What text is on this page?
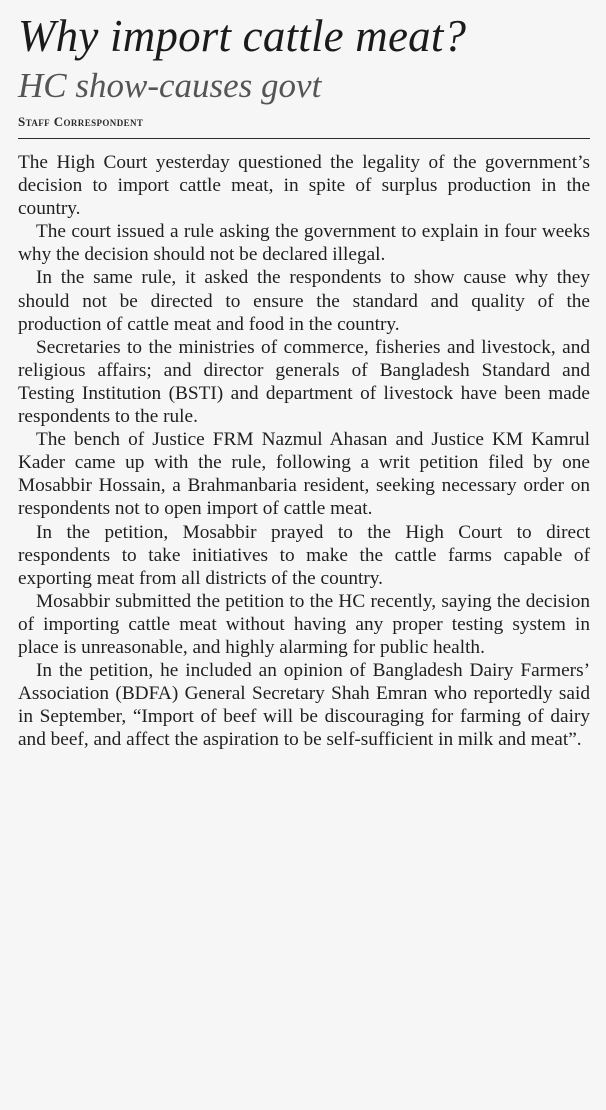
Why import cattle meat?
HC show-causes govt
Staff Correspondent

The High Court yesterday questioned the legality of the government’s decision to import cattle meat, in spite of surplus production in the country.

The court issued a rule asking the government to explain in four weeks why the decision should not be declared illegal.

In the same rule, it asked the respondents to show cause why they should not be directed to ensure the standard and quality of the production of cattle meat and food in the country.

Secretaries to the ministries of commerce, fisheries and livestock, and religious affairs; and director generals of Bangladesh Standard and Testing Institution (BSTI) and department of livestock have been made respondents to the rule.

The bench of Justice FRM Nazmul Ahasan and Justice KM Kamrul Kader came up with the rule, following a writ petition filed by one Mosabbir Hossain, a Brahmanbaria resident, seeking necessary order on respondents not to open import of cattle meat.

In the petition, Mosabbir prayed to the High Court to direct respondents to take initiatives to make the cattle farms capable of exporting meat from all districts of the country.

Mosabbir submitted the petition to the HC recently, saying the decision of importing cattle meat without having any proper testing system in place is unreasonable, and highly alarming for public health.

In the petition, he included an opinion of Bangladesh Dairy Farmers’ Association (BDFA) General Secretary Shah Emran who reportedly said in September, “Import of beef will be discouraging for farming of dairy and beef, and affect the aspiration to be self-sufficient in milk and meat”.
